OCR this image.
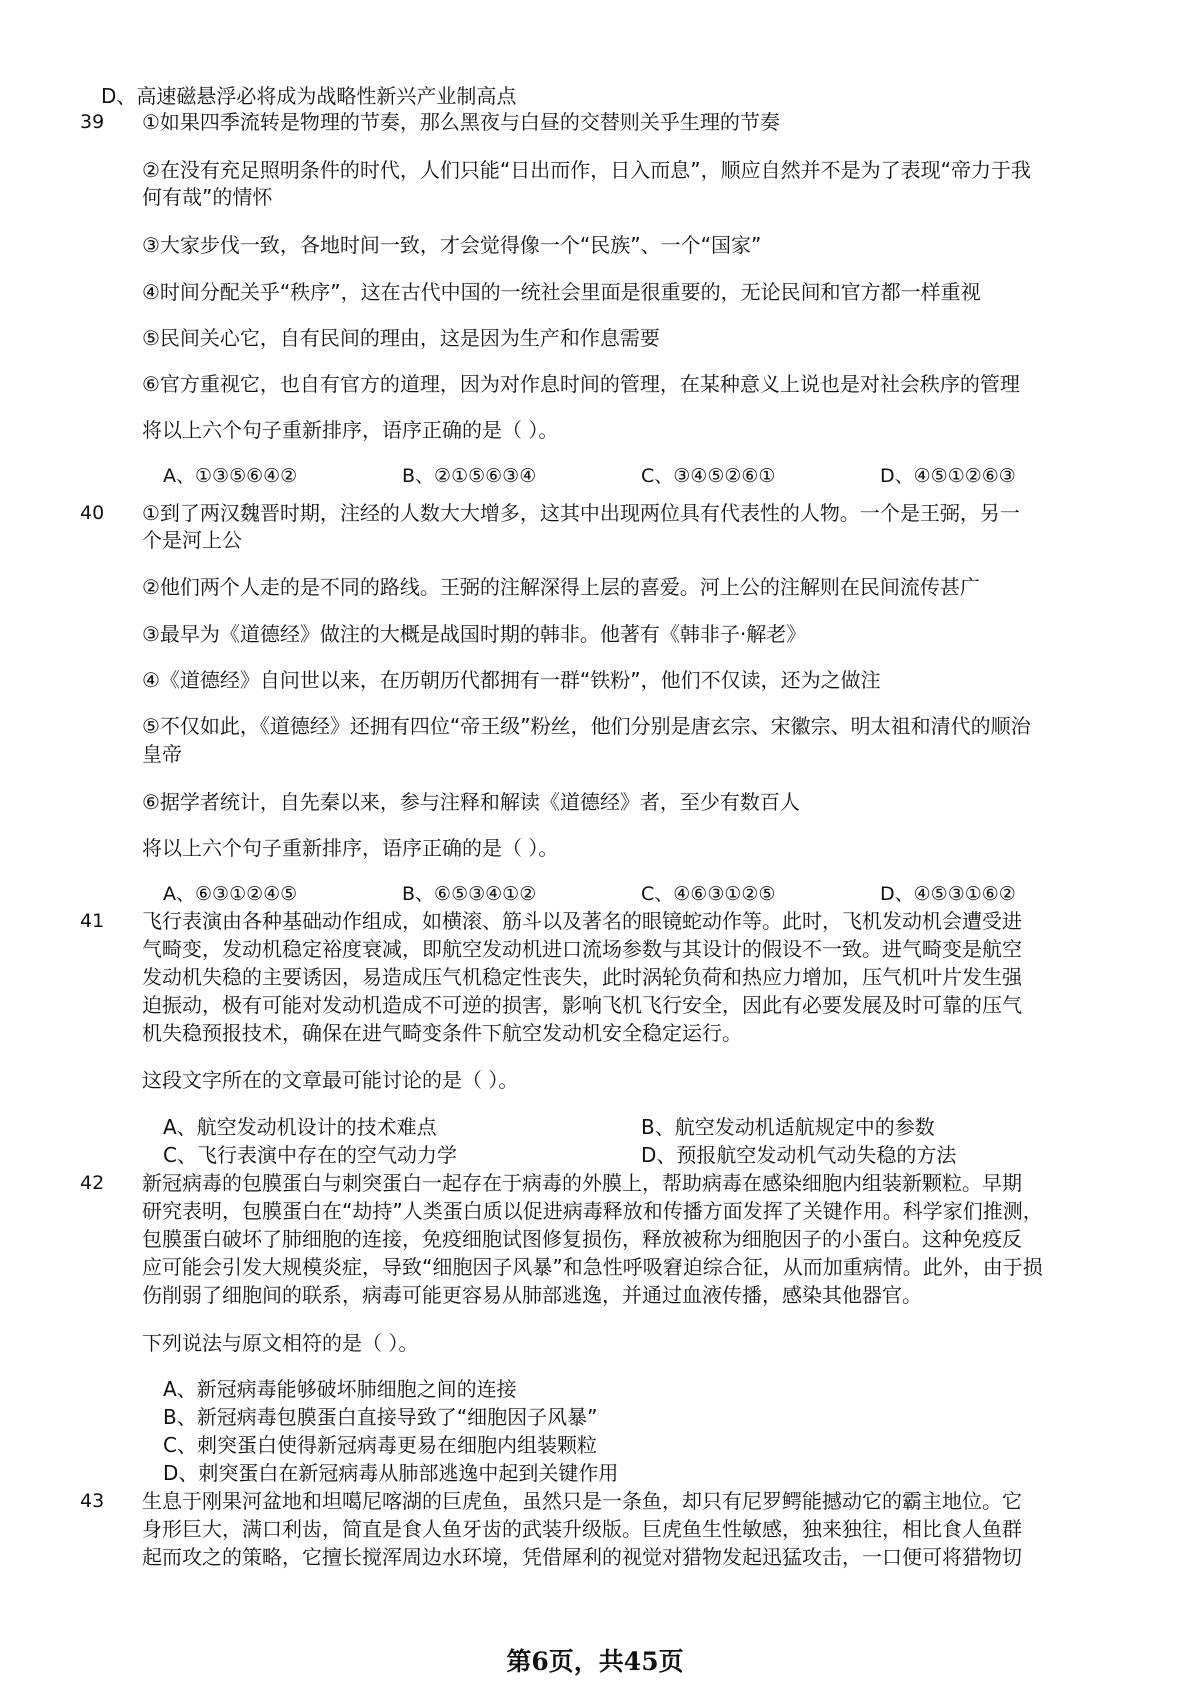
D、高速磁悬浮必将成为战略性新兴产业制高点
39 ①如果四季流转是物理的节奏，那么黑夜与白昼的交替则关乎生理的节奏
②在没有充足照明条件的时代，人们只能“日出而作，日入而息”，顺应自然并不是为了表现“帝力于我
何有哉”的情怀
③大家步伐一致，各地时间一致，才会觉得像一个“民族”、一个“国家”
④时间分配关乎“秩序”，这在古代中国的一统社会里面是很重要的，无论民间和官方都一样重视
⑤民间关心它，自有民间的理由，这是因为生产和作息需要
⑥官方重视它，也自有官方的道理，因为对作息时间的管理，在某种意义上说也是对社会秩序的管理
将以上六个句子重新排序，语序正确的是（ ）。
A、①③⑤⑥④②	B、②①⑤⑥③④	C、③④⑤②⑥①	D、④⑤①②⑥③
40 ①到了两汉魏晋时期，注经的人数大大增多，这其中出现两位具有代表性的人物。一个是王弼，另一
个是河上公
②他们两个人走的是不同的路线。王弼的注解深得上层的喜爱。河上公的注解则在民间流传甚广
③最早为《道德经》做注的大概是战国时期的韩非。他著有《韩非子·解老》
④《道德经》自问世以来，在历朝历代都拥有一群“铁粉”，他们不仅读，还为之做注
⑤不仅如此，《道德经》还拥有四位“帝王级”粉丝，他们分别是唐玄宗、宋徽宗、明太祖和清代的顺治
皇帝
⑥据学者统计，自先秦以来，参与注释和解读《道德经》者，至少有数百人
将以上六个句子重新排序，语序正确的是（ ）。
A、⑥③①②④⑤	B、⑥⑤③④①②	C、④⑥③①②⑤	D、④⑤③①⑥②
41 飞行表演由各种基础动作组成，如横滚、筋斗以及著名的眼镜蛇动作等。此时，飞机发动机会遭受进
气畸变，发动机稳定裕度衰减，即航空发动机进口流场参数与其设计的假设不一致。进气畸变是航空
发动机失稳的主要诱因，易造成压气机稳定性丧失，此时涡轮负荷和热应力增加，压气机叶片发生强
迫振动，极有可能对发动机造成不可逆的损害，影响飞机飞行安全，因此有必要发展及时可靠的压气
机失稳预报技术，确保在进气畸变条件下航空发动机安全稳定运行。
这段文字所在的文章最可能讨论的是（ ）。
A、航空发动机设计的技术难点	B、航空发动机适航规定中的参数
C、飞行表演中存在的空气动力学	D、预报航空发动机气动失稳的方法
42 新冠病毒的包膜蛋白与刺突蛋白一起存在于病毒的外膜上，帮助病毒在感染细胞内组装新颗粒。早期
研究表明，包膜蛋白在“劫持”人类蛋白质以促进病毒释放和传播方面发挥了关键作用。科学家们推测，
包膜蛋白破坏了肺细胞的连接，免疫细胞试图修复损伤，释放被称为细胞因子的小蛋白。这种免疫反
应可能会引发大规模炎症，导致“细胞因子风暴”和急性呼吸窘迫综合征，从而加重病情。此外，由于损
伤削弱了细胞间的联系，病毒可能更容易从肺部逃逸，并通过血液传播，感染其他器官。
下列说法与原文相符的是（ ）。
A、新冠病毒能够破坏肺细胞之间的连接
B、新冠病毒包膜蛋白直接导致了“细胞因子风暴”
C、刺突蛋白使得新冠病毒更易在细胞内组装颗粒
D、刺突蛋白在新冠病毒从肺部逃逸中起到关键作用
43 生息于刚果河盆地和坦噶尼喀湖的巨虎鱼，虽然只是一条鱼，却只有尼罗鳄能撼动它的霸主地位。它
身形巨大，满口利齿，简直是食人鱼牙齿的武装升级版。巨虎鱼生性敏感，独来独往，相比食人鱼群
起而攻之的策略，它擅长搅浑周边水环境，凭借犀利的视觉对猎物发起迅猛攻击，一口便可将猎物切
第6页，共45页
